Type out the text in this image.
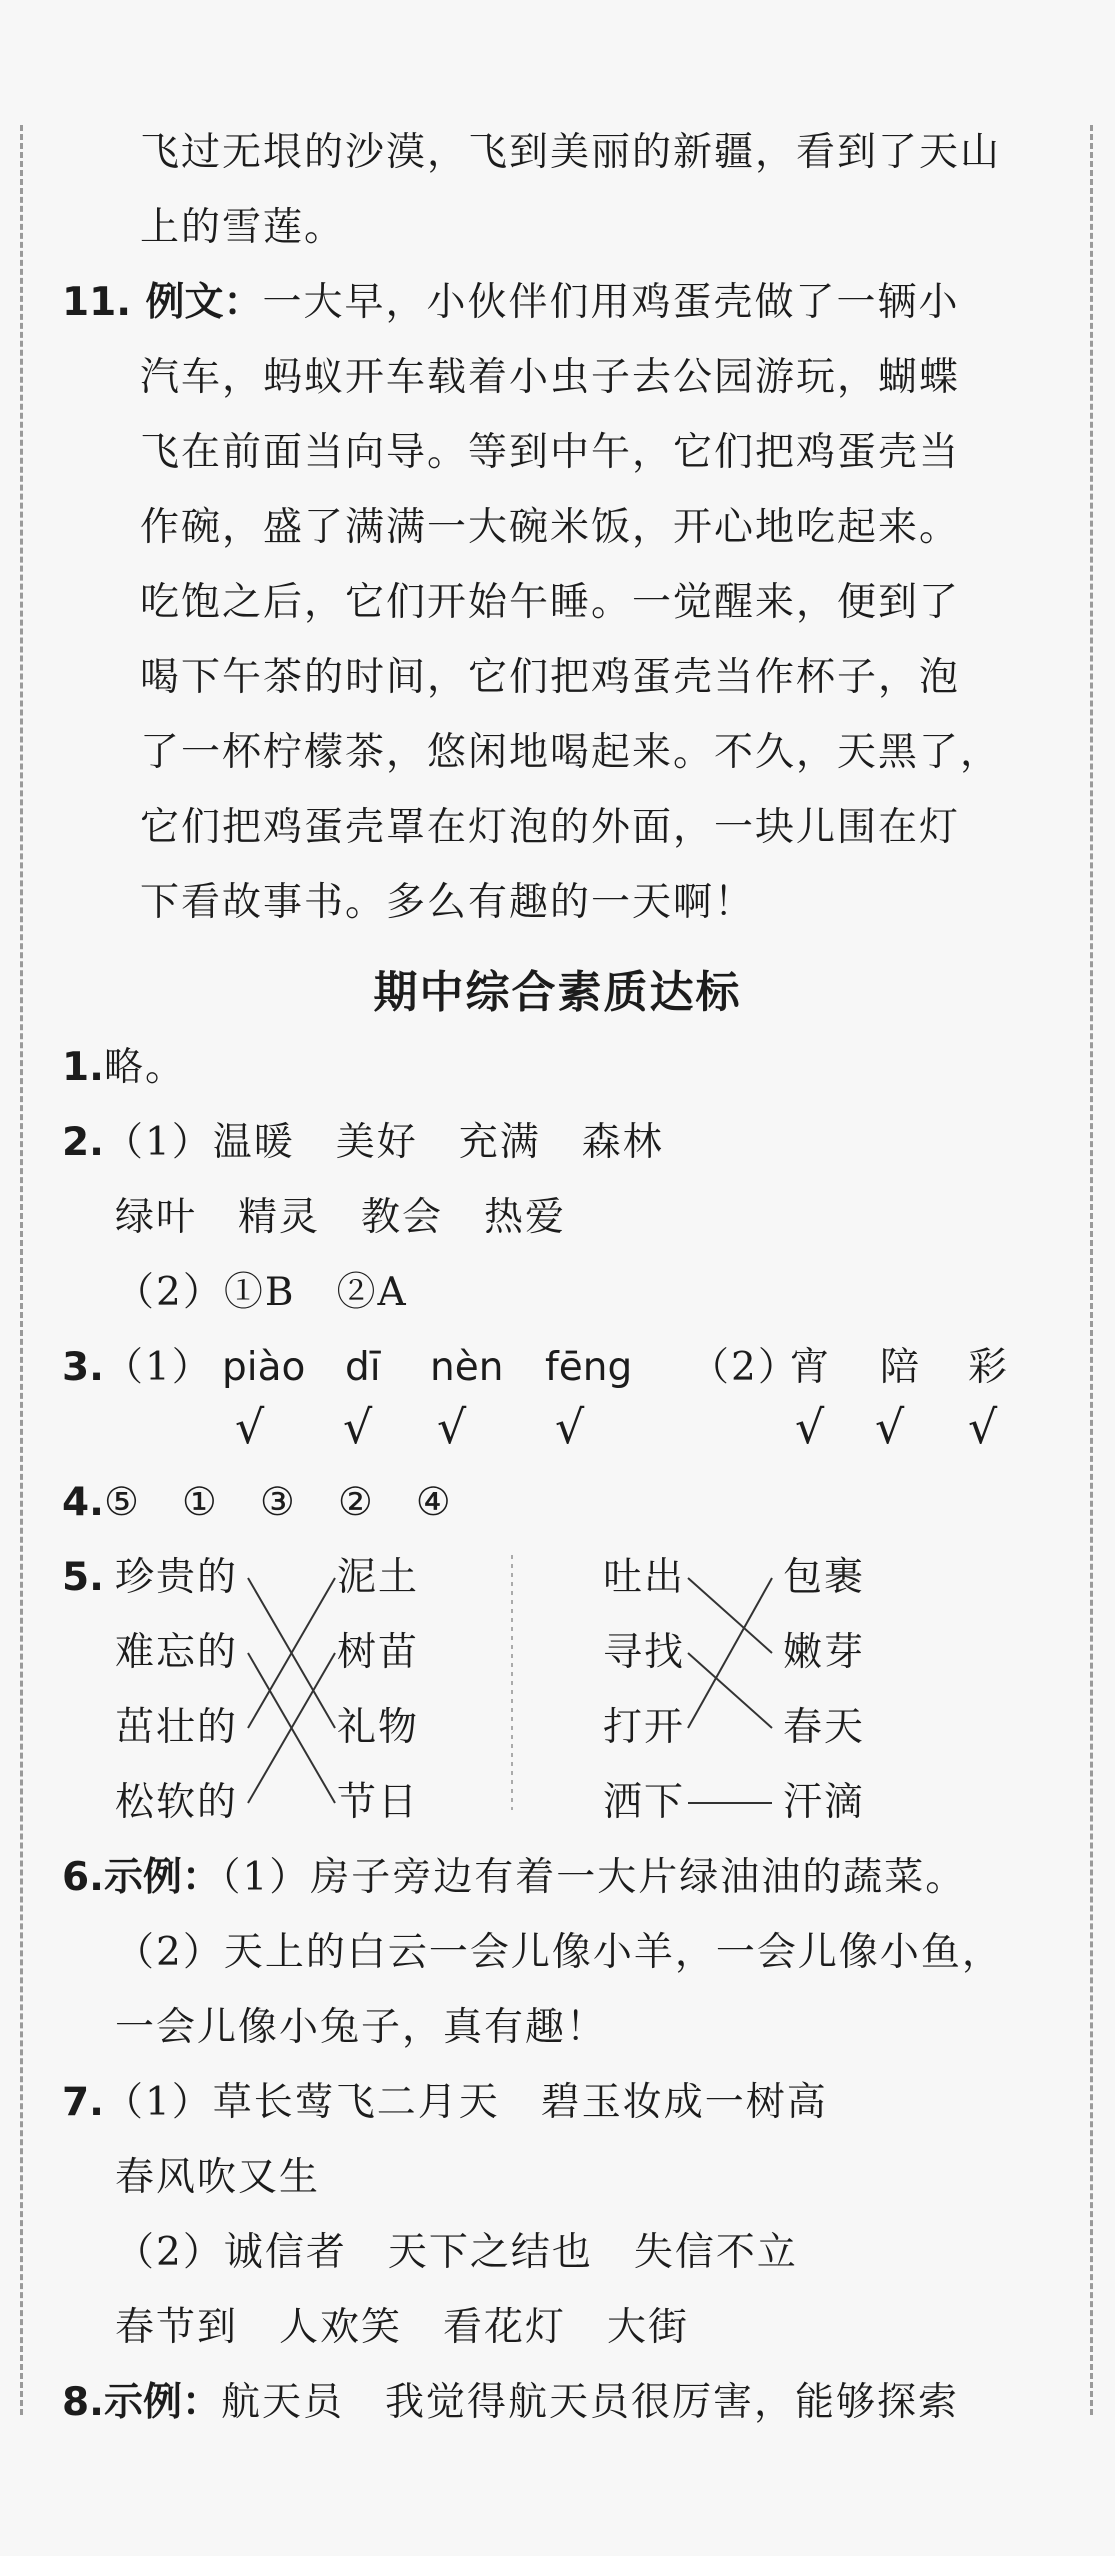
飞过无垠的沙漠，飞到美丽的新疆，看到了天山
上的雪莲。
11. 例文：一大早，小伙伴们用鸡蛋壳做了一辆小
汽车，蚂蚁开车载着小虫子去公园游玩，蝴蝶
飞在前面当向导。等到中午，它们把鸡蛋壳当
作碗，盛了满满一大碗米饭，开心地吃起来。
吃饱之后，它们开始午睡。一觉醒来，便到了
喝下午茶的时间，它们把鸡蛋壳当作杯子，泡
了一杯柠檬茶，悠闲地喝起来。不久，天黑了，
它们把鸡蛋壳罩在灯泡的外面，一块儿围在灯
下看故事书。多么有趣的一天啊！
期中综合素质达标
1.略。
2.（1）温暖　美好　充满　森林
绿叶　精灵　教会　热爱
（2）①B　②A
3.（1） piào dī nèn fēng （2）
宵 陪 彩
√ √ √ √	√ √ √
4.⑤　①　③　②　④
5. 珍贵的
难忘的
茁壮的
松软的
泥土
树苗
礼物
节日
吐出
寻找
打开
洒下
包裹
嫩芽
春天
汗滴
6.示例：（1）房子旁边有着一大片绿油油的蔬菜。
（2）天上的白云一会儿像小羊，一会儿像小鱼，
一会儿像小兔子，真有趣！
7.（1）草长莺飞二月天　碧玉妆成一树高
春风吹又生
（2）诚信者　天下之结也　失信不立
春节到　人欢笑　看花灯　大街
8.示例：航天员　我觉得航天员很厉害，能够探索
